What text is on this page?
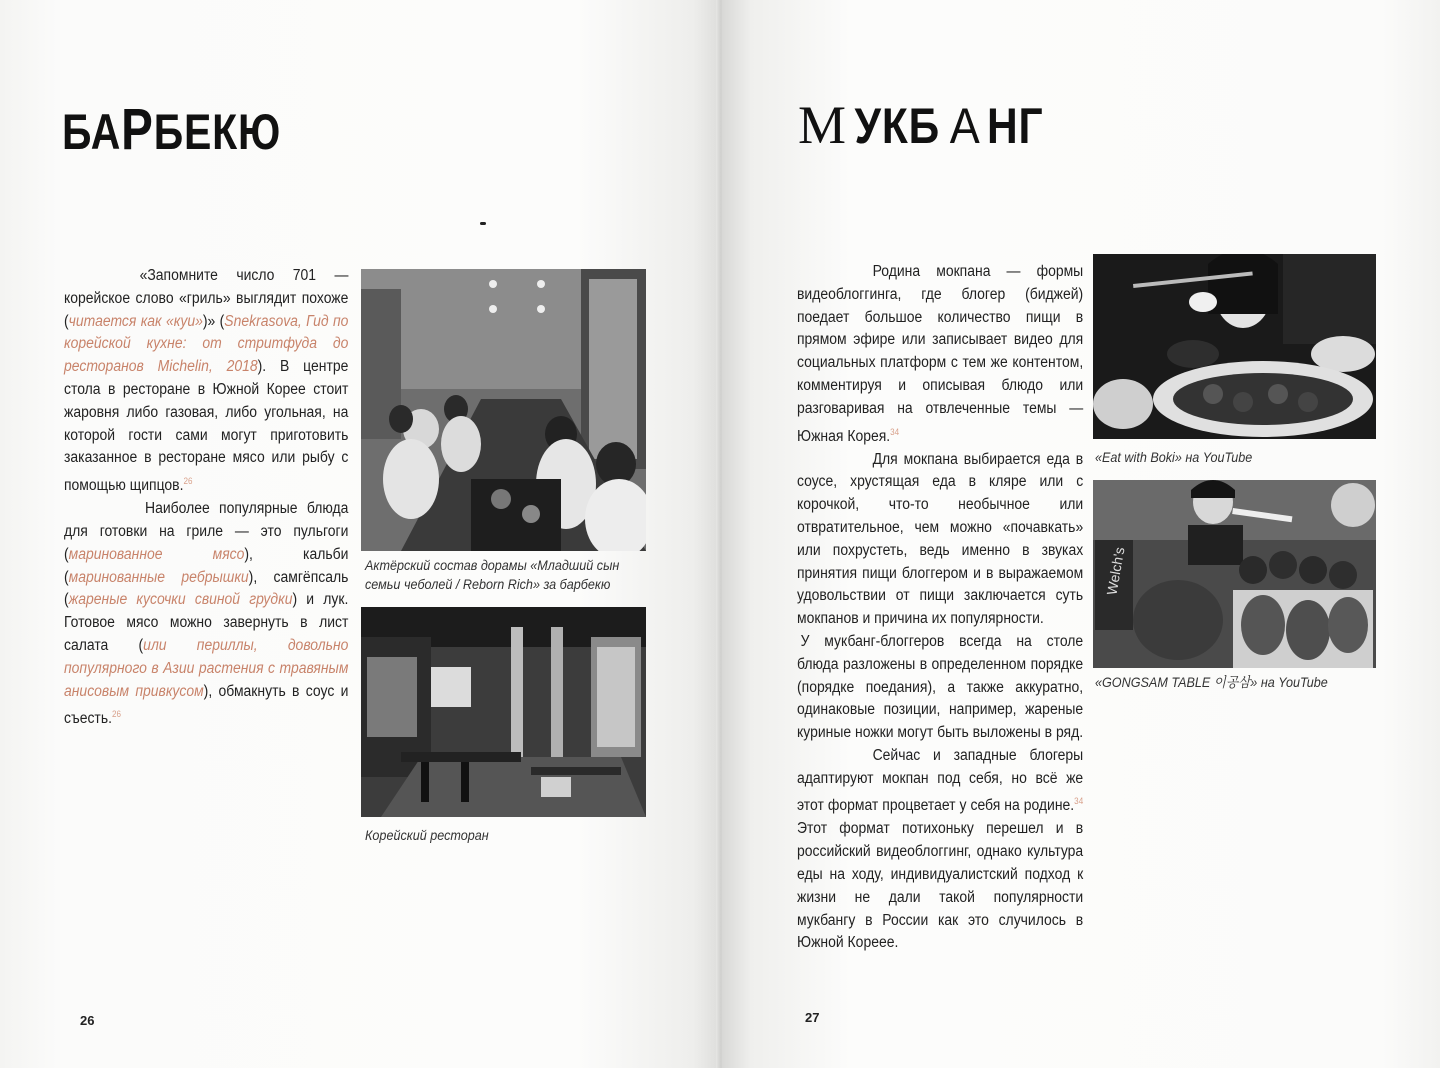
БАРБЕКЮ

«Запомните число 701 — корейское слово «гриль» выглядит похоже (читается как «куи»)» (Snekrasova, Гид по корейской кухне: от стритфуда до ресторанов Michelin, 2018). В центре стола в ресторане в Южной Корее стоит жаровня либо газовая, либо угольная, на которой гости сами могут приготовить заказанное в ресторане мясо или рыбу с помощью щипцов.$^{26}$

Наиболее популярные блюда для готовки на гриле — это пульгоги (маринованное мясо), кальби (маринованные ребрышки), самгёпсаль (жареные кусочки свиной грудки) и лук. Готовое мясо можно завернуть в лист салата (или периллы, довольно популярного в Азии растения с травяным анисовым привкусом), обмакнуть в соус и съесть.$^{26}$

Актёрский состав дорамы «Младший сын семьи чеболей / Reborn Rich» за барбекю
Корейский ресторан
26
М УКБ А НГ

Родина мокпана — формы видеоблоггинга, где блогер (биджей) поедает большое количество пищи в прямом эфире или записывает видео для социальных платформ с тем же контентом, комментируя и описывая блюдо или разговаривая на отвлеченные темы — Южная Корея.$^{34}$

Для мокпана выбирается еда в соусе, хрустящая еда в кляре или с корочкой, что-то необычное или отвратительное, чем можно «почавкать» или похрустеть, ведь именно в звуках принятия пищи блоггером и в выражаемом удовольствии от пищи заключается суть мокпанов и причина их популярности.

У мукбанг-блоггеров всегда на столе блюда разложены в определенном порядке (порядке поедания), а также аккуратно, одинаковые позиции, например, жареные куриные ножки могут быть выложены в ряд.

Сейчас и западные блогеры адаптируют мокпан под себя, но всё же этот формат процветает у себя на родине.$^{34}$ Этот формат потихоньку перешел и в российский видеоблоггинг, однако культура еды на ходу, индивидуалистский подход к жизни не дали такой популярности мукбангу в России как это случилось в Южной Корееe.

«Eat with Boki» на YouTube
Welch's
«GONGSAM TABLE 이공삼» на YouTube
27
